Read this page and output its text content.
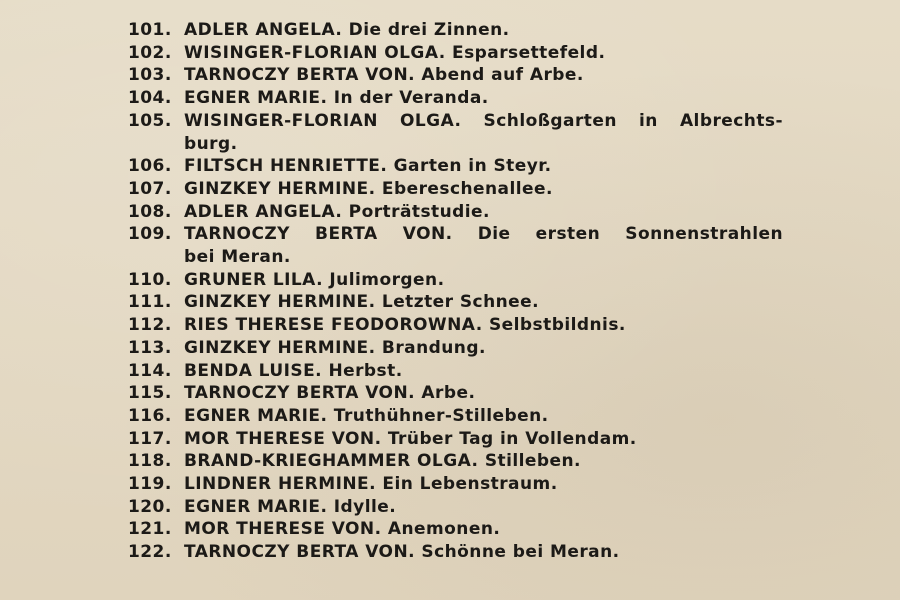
101. ADLER ANGELA. Die drei Zinnen.
102. WISINGER-FLORIAN OLGA. Esparsettefeld.
103. TARNOCZY BERTA VON. Abend auf Arbe.
104. EGNER MARIE. In der Veranda.
105. WISINGER-FLORIAN OLGA. Schloßgarten in Albrechts-
burg.
106. FILTSCH HENRIETTE. Garten in Steyr.
107. GINZKEY HERMINE. Ebereschenallee.
108. ADLER ANGELA. Porträtstudie.
109. TARNOCZY BERTA VON. Die ersten Sonnenstrahlen
bei Meran.
110. GRUNER LILA. Julimorgen.
111. GINZKEY HERMINE. Letzter Schnee.
112. RIES THERESE FEODOROWNA. Selbstbildnis.
113. GINZKEY HERMINE. Brandung.
114. BENDA LUISE. Herbst.
115. TARNOCZY BERTA VON. Arbe.
116. EGNER MARIE. Truthühner-Stilleben.
117. MOR THERESE VON. Trüber Tag in Vollendam.
118. BRAND-KRIEGHAMMER OLGA. Stilleben.
119. LINDNER HERMINE. Ein Lebenstraum.
120. EGNER MARIE. Idylle.
121. MOR THERESE VON. Anemonen.
122. TARNOCZY BERTA VON. Schönne bei Meran.
